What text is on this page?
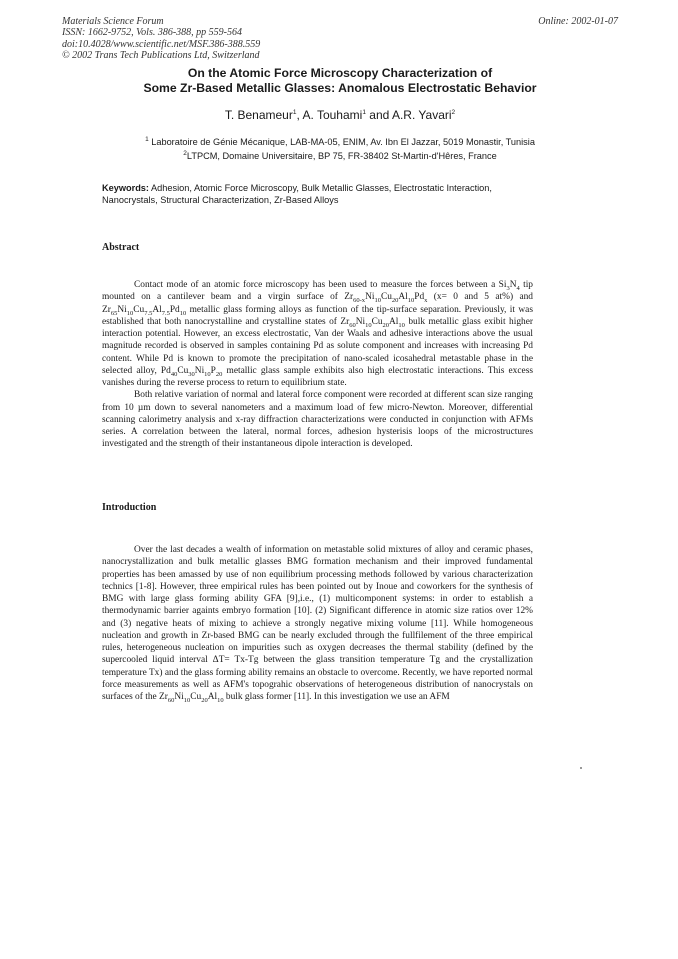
Materials Science Forum
ISSN: 1662-9752, Vols. 386-388, pp 559-564
doi:10.4028/www.scientific.net/MSF.386-388.559
© 2002 Trans Tech Publications Ltd, Switzerland
Online: 2002-01-07
On the Atomic Force Microscopy Characterization of
Some Zr-Based Metallic Glasses: Anomalous Electrostatic Behavior
T. Benameur$^1$, A. Touhami$^1$ and A.R. Yavari$^2$
$^1$ Laboratoire de Génie Mécanique, LAB-MA-05, ENIM, Av. Ibn El Jazzar, 5019 Monastir, Tunisia
$^2$LTPCM, Domaine Universitaire, BP 75, FR-38402 St-Martin-d'Hêres, France
Keywords: Adhesion, Atomic Force Microscopy, Bulk Metallic Glasses, Electrostatic Interaction, Nanocrystals, Structural Characterization, Zr-Based Alloys
Abstract

Contact mode of an atomic force microscopy has been used to measure the forces between a $Si_3N_4$ tip mounted on a cantilever beam and a virgin surface of $Zr_{60-x}Ni_{10}Cu_{20}Al_{10}Pd_x$ (x= 0 and 5 at%) and $Zr_{65}Ni_{10}Cu_{7.5}Al_{7.5}Pd_{10}$ metallic glass forming alloys as function of the tip-surface separation. Previously, it was established that both nanocrystalline and crystalline states of $Zr_{60}Ni_{10}Cu_{20}Al_{10}$ bulk metallic glass exibit higher interaction potential. However, an excess electrostatic, Van der Waals and adhesive interactions above the usual magnitude recorded is observed in samples containing Pd as solute component and increases with increasing Pd content. While Pd is known to promote the precipitation of nano-scaled icosahedral metastable phase in the selected alloy, $Pd_{40}Cu_{30}Ni_{10}P_{20}$ metallic glass sample exhibits also high electrostatic interactions. This excess vanishes during the reverse process to return to equilibrium state.

Both relative variation of normal and lateral force component were recorded at different scan size ranging from 10 µm down to several nanometers and a maximum load of few micro-Newton. Moreover, differential scanning calorimetry analysis and x-ray diffraction characterizations were conducted in conjunction with AFMs series. A correlation between the lateral, normal forces, adhesion hysterisis loops of the microstructures investigated and the strength of their instantaneous dipole interaction is developed.

Introduction

Over the last decades a wealth of information on metastable solid mixtures of alloy and ceramic phases, nanocrystallization and bulk metallic glasses BMG formation mechanism and their improved fundamental properties has been amassed by use of non equilibrium processing methods followed by various characterization technics [1-8]. However, three empirical rules has been pointed out by Inoue and coworkers for the synthesis of BMG with large glass forming ability GFA [9],i.e., (1) multicomponent systems: in order to establish a thermodynamic barrier againts embryo formation [10]. (2) Significant difference in atomic size ratios over 12% and (3) negative heats of mixing to achieve a strongly negative mixing volume [11]. While homogeneous nucleation and growth in Zr-based BMG can be nearly excluded through the fullfilement of the three empirical rules, heterogeneous nucleation on impurities such as oxygen decreases the thermal stability (defined by the supercooled liquid interval ΔT= Tx-Tg between the glass transition temperature Tg and the crystallization temperature Tx) and the glass forming ability remains an obstacle to overcome. Recently, we have reported normal force measurements as well as AFM's topograhic observations of heterogeneous distribution of nanocrystals on surfaces of the $Zr_{60}Ni_{10}Cu_{20}Al_{10}$ bulk glass former [11]. In this investigation we use an AFM
